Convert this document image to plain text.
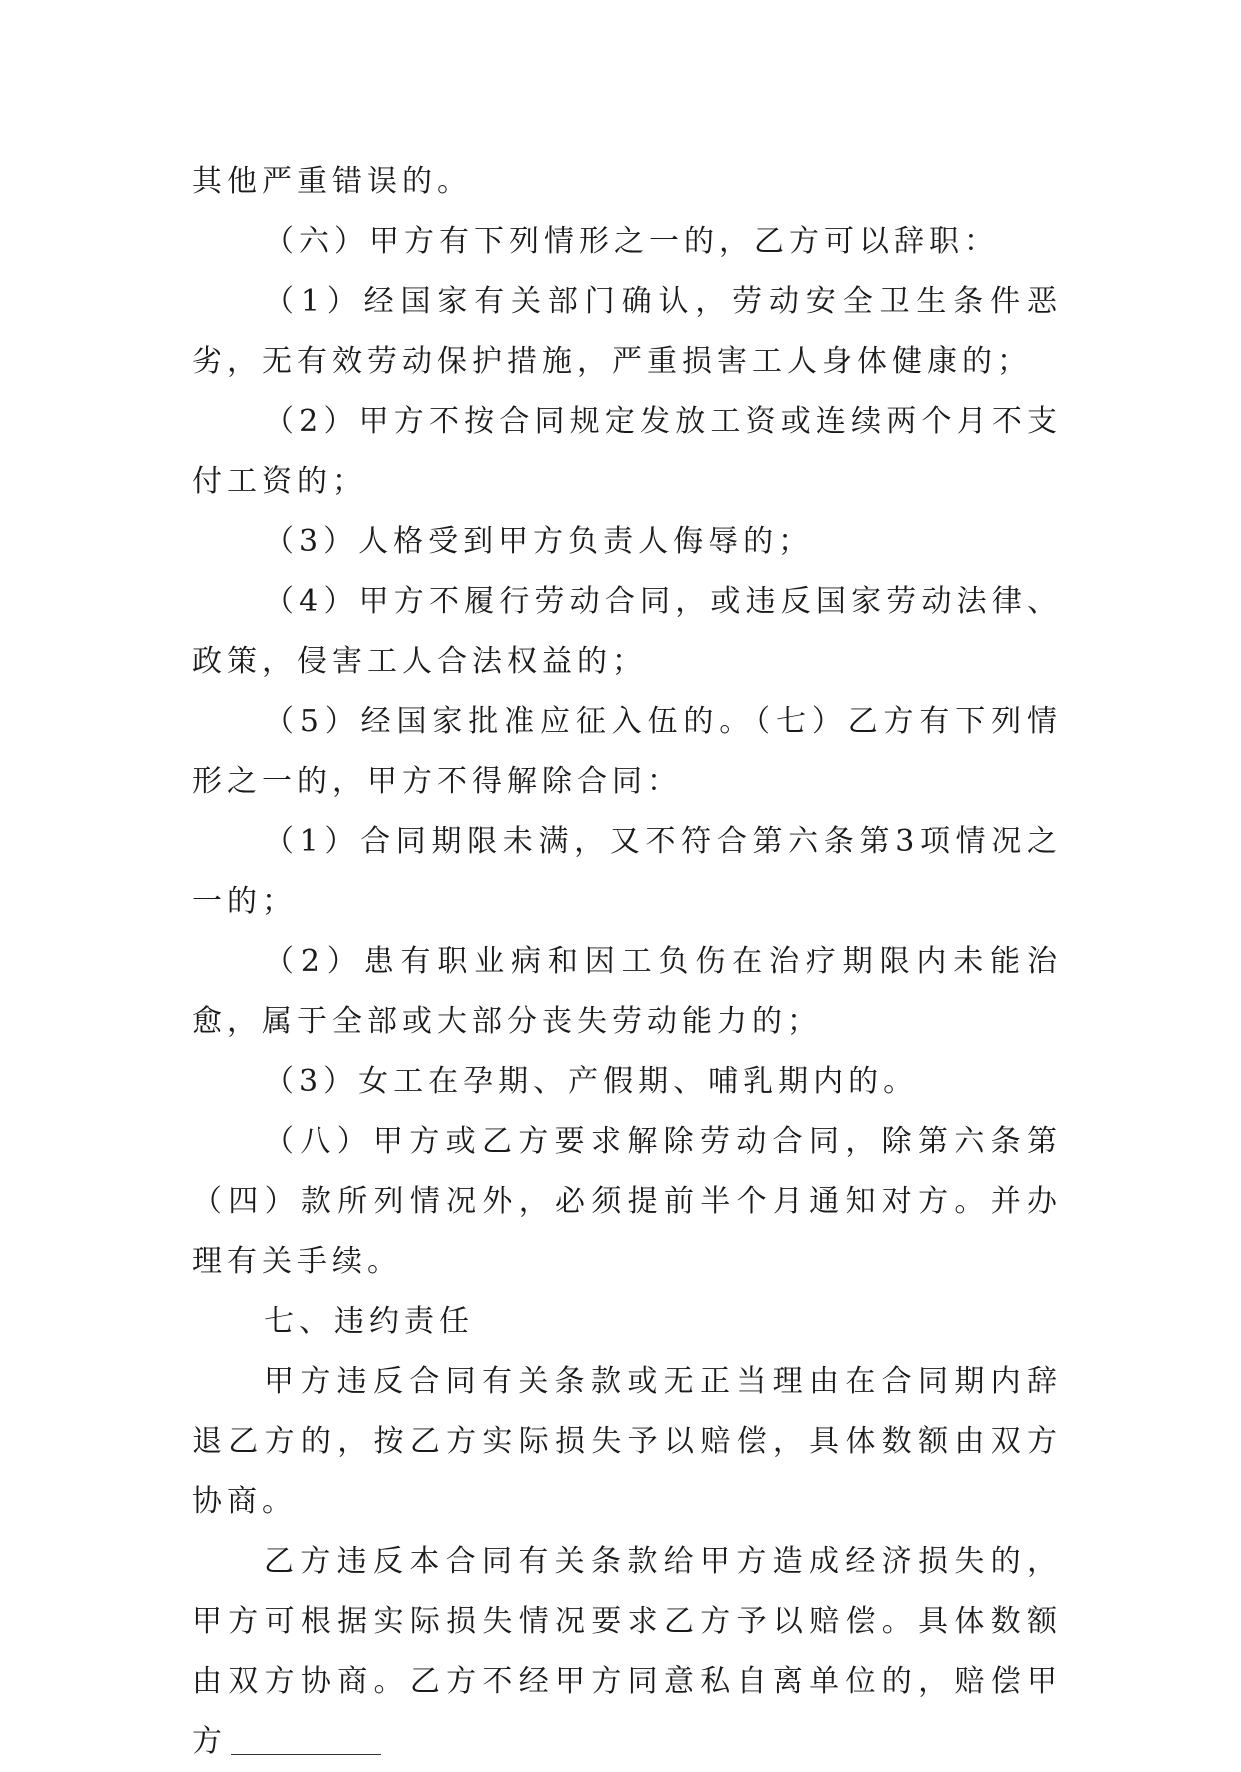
其他严重错误的。

（六）甲方有下列情形之一的，乙方可以辞职：

（1）经国家有关部门确认，劳动安全卫生条件恶劣，无有效劳动保护措施，严重损害工人身体健康的；

（2）甲方不按合同规定发放工资或连续两个月不支付工资的；

（3）人格受到甲方负责人侮辱的；

（4）甲方不履行劳动合同，或违反国家劳动法律、政策，侵害工人合法权益的；

（5）经国家批准应征入伍的。（七）乙方有下列情形之一的，甲方不得解除合同：

（1）合同期限未满，又不符合第六条第3项情况之一的；

（2）患有职业病和因工负伤在治疗期限内未能治愈，属于全部或大部分丧失劳动能力的；

（3）女工在孕期、产假期、哺乳期内的。

（八）甲方或乙方要求解除劳动合同，除第六条第（四）款所列情况外，必须提前半个月通知对方。并办理有关手续。

七、违约责任

甲方违反合同有关条款或无正当理由在合同期内辞退乙方的，按乙方实际损失予以赔偿，具体数额由双方协商。

乙方违反本合同有关条款给甲方造成经济损失的，甲方可根据实际损失情况要求乙方予以赔偿。具体数额由双方协商。乙方不经甲方同意私自离单位的，赔偿甲方
